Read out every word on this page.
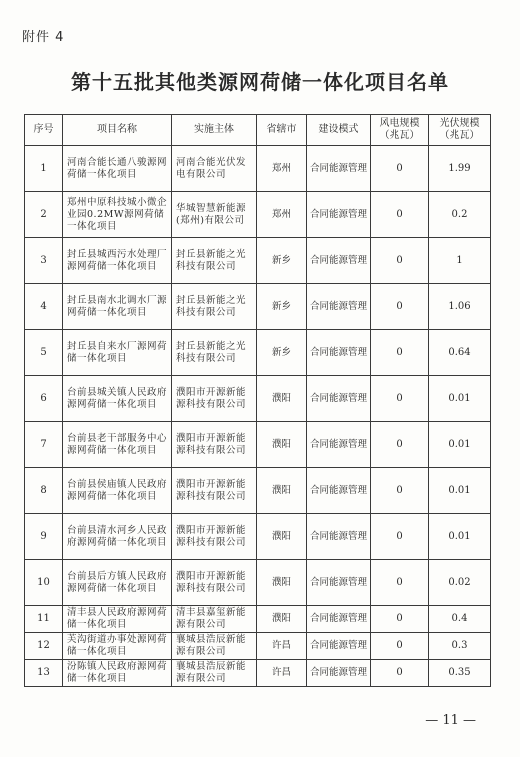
附件 4
第十五批其他类源网荷储一体化项目名单
序号	项目名称	实施主体	省辖市	建设模式	风电规模（兆瓦）	光伏规模（兆瓦）
1	河南合能长通八骏源网荷储一体化项目	河南合能光伏发电有限公司	郑州	合同能源管理	0	1.99
2	郑州中原科技城小微企业园0.2MW源网荷储一体化项目	华城智慧新能源(郑州)有限公司	郑州	合同能源管理	0	0.2
3	封丘县城西污水处理厂源网荷储一体化项目	封丘县新能之光科技有限公司	新乡	合同能源管理	0	1
4	封丘县南水北调水厂源网荷储一体化项目	封丘县新能之光科技有限公司	新乡	合同能源管理	0	1.06
5	封丘县自来水厂源网荷储一体化项目	封丘县新能之光科技有限公司	新乡	合同能源管理	0	0.64
6	台前县城关镇人民政府源网荷储一体化项目	濮阳市开源新能源科技有限公司	濮阳	合同能源管理	0	0.01
7	台前县老干部服务中心源网荷储一体化项目	濮阳市开源新能源科技有限公司	濮阳	合同能源管理	0	0.01
8	台前县侯庙镇人民政府源网荷储一体化项目	濮阳市开源新能源科技有限公司	濮阳	合同能源管理	0	0.01
9	台前县清水河乡人民政府源网荷储一体化项目	濮阳市开源新能源科技有限公司	濮阳	合同能源管理	0	0.01
10	台前县后方镇人民政府源网荷储一体化项目	濮阳市开源新能源科技有限公司	濮阳	合同能源管理	0	0.02
11	清丰县人民政府源网荷储一体化项目	清丰县嘉玺新能源有限公司	濮阳	合同能源管理	0	0.4
12	芙沟街道办事处源网荷储一体化项目	襄城县浩辰新能源有限公司	许昌	合同能源管理	0	0.3
13	汾陈镇人民政府源网荷储一体化项目	襄城县浩辰新能源有限公司	许昌	合同能源管理	0	0.35
— 11 —
